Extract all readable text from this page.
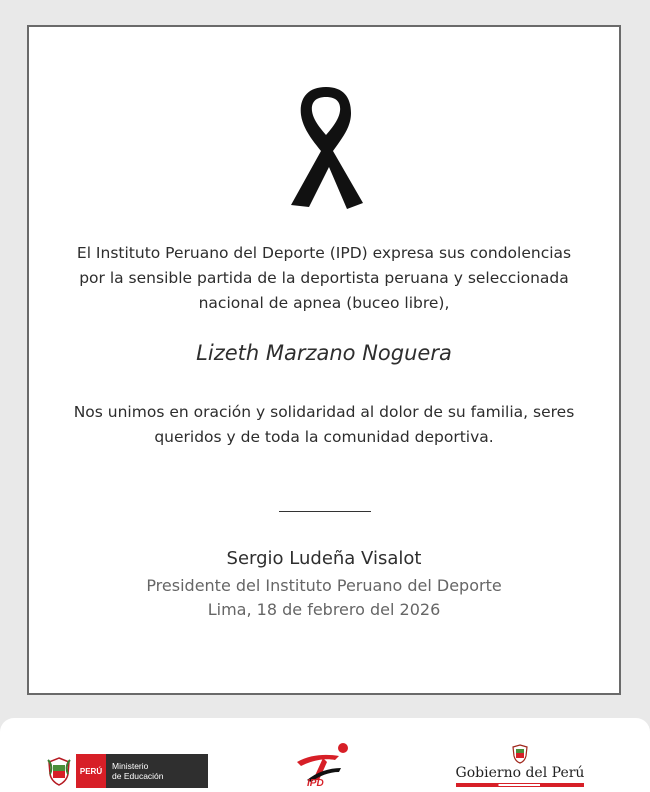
El Instituto Peruano del Deporte (IPD) expresa sus condolencias
por la sensible partida de la deportista peruana y seleccionada
nacional de apnea (buceo libre),

Lizeth Marzano Noguera

Nos unimos en oración y solidaridad al dolor de su familia, seres
queridos y de toda la comunidad deportiva.

Sergio Ludeña Visalot

Presidente del Instituto Peruano del Deporte

Lima, 18 de febrero del 2026

PERÚ	Ministerio
de Educación
IPD
Gobierno del Perú
